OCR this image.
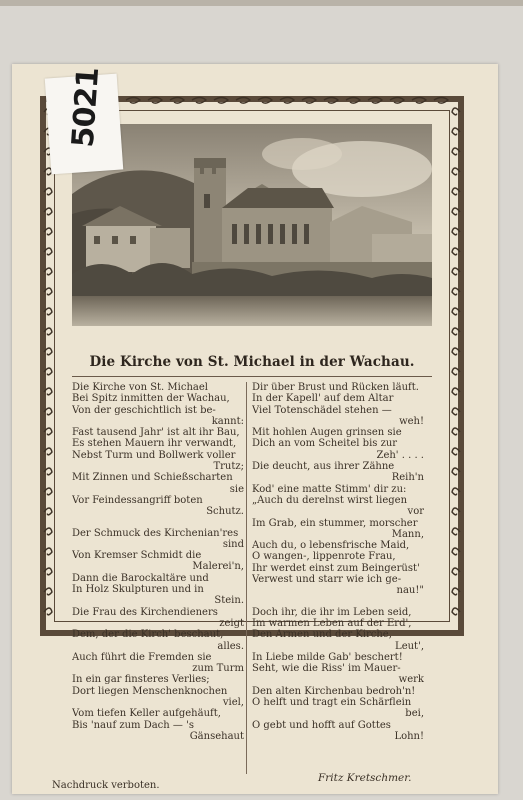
Die Kirche von St. Michael in der Wachau.
Die Kirche von St. Michael
Bei Spitz inmitten der Wachau,
Von der geschichtlich ist be-
kannt:
Fast tausend Jahr' ist alt ihr Bau,
Es stehen Mauern ihr verwandt,
Nebst Turm und Bollwerk voller
Trutz;
Mit Zinnen und Schießscharten
sie
Vor Feindessangriff boten
Schutz.
Der Schmuck des Kirchenian'res
sind
Von Kremser Schmidt die
Malerei'n,
Dann die Barockaltäre und
In Holz Skulpturen und in
Stein.
Die Frau des Kirchendieners
zeigt
Dem, der die Kirch' beschaut,
alles.
Auch führt die Fremden sie
zum Turm
In ein gar finsteres Verlies;
Dort liegen Menschenknochen
viel,
Vom tiefen Keller aufgehäuft,
Bis 'nauf zum Dach — 's
Gänsehaut
Dir über Brust und Rücken läuft.
In der Kapell' auf dem Altar
Viel Totenschädel stehen —
weh!
Mit hohlen Augen grinsen sie
Dich an vom Scheitel bis zur
Zeh' . . . .
Die deucht, aus ihrer Zähne
Reih'n
Kod' eine matte Stimm' dir zu:
„Auch du derelnst wirst liegen
vor
Im Grab, ein stummer, morscher
Mann,
Auch du, o lebensfrische Maid,
O wangen-, lippenrote Frau,
Ihr werdet einst zum Beingerüst'
Verwest und starr wie ich ge-
nau!"
Doch ihr, die ihr im Leben seid,
Im warmen Leben auf der Erd',
Den Armen und der Kirche,
Leut',
In Liebe milde Gab' beschert!
Seht, wie die Riss' im Mauer-
werk
Den alten Kirchenbau bedroh'n!
O helft und tragt ein Schärflein
bei,
O gebt und hofft auf Gottes
Lohn!
Nachdruck verboten.
Fritz Kretschmer.
5021
